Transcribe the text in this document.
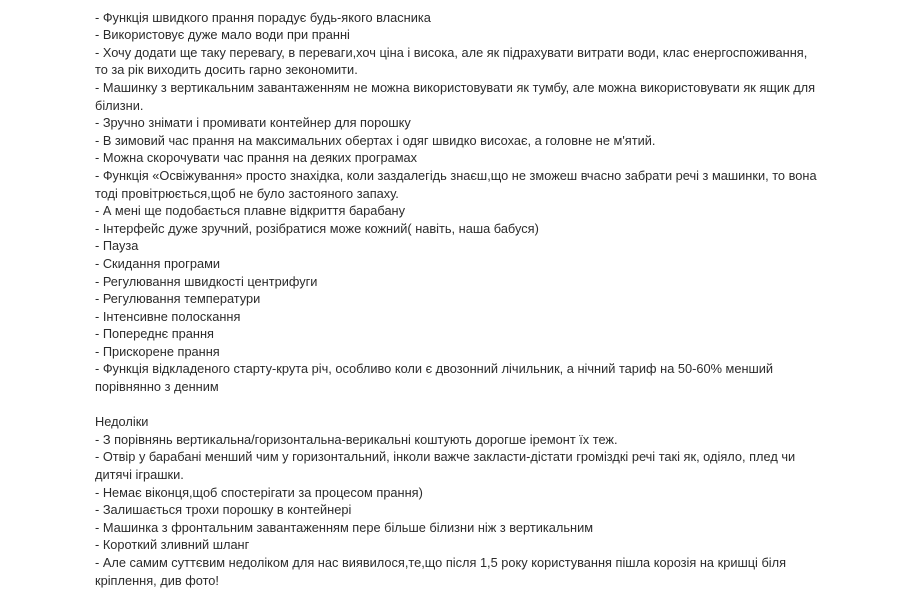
- Функція швидкого прання порадує будь-якого власника
- Використовує дуже мало води при пранні
- Хочу додати ще таку перевагу, в переваги,хоч ціна і висока, але як підрахувати витрати води, клас енергоспоживання,
то за рік виходить досить гарно зекономити.
- Машинку з вертикальним завантаженням не можна використовувати як тумбу, але можна використовувати як ящик для
білизни.
- Зручно знімати і промивати контейнер для порошку
- В зимовий час прання на максимальних обертах і одяг швидко висохає, а головне не м'ятий.
- Можна скорочувати час прання на деяких програмах
- Функція «Освіжування» просто знахідка, коли заздалегідь знаєш,що не зможеш вчасно забрати речі з машинки, то вона
тоді провітрюється,щоб не було застояного запаху.
- А мені ще подобається плавне відкриття барабану
- Інтерфейс дуже зручний, розібратися може кожний( навіть, наша бабуся)
- Пауза
- Скидання програми
- Регулювання швидкості центрифуги
- Регулювання температури
- Інтенсивне полоскання
- Попереднє прання
- Прискорене прання
- Функція відкладеного старту-крута річ, особливо коли є двозонний лічильник, а нічний тариф на 50-60% менший
порівнянно з денним
Недоліки
- З порівнянь вертикальна/горизонтальна-верикальні коштують дорогше ірeмонт їх теж.
- Отвір у барабані менший чим у горизонтальний, інколи важче закласти-дістати громіздкі речі такі як, одіяло, плед чи
дитячі іграшки.
- Немає віконця,щоб спостерігати за процесом прання)
- Залишається трохи порошку в контейнері
- Машинка з фронтальним завантаженням пере більше білизни ніж з вертикальним
- Короткий зливний шланг
- Але самим суттєвим недоліком для нас виявилося,те,що після 1,5 року користування пішла корозія на кришці біля
кріплення, див фото!
